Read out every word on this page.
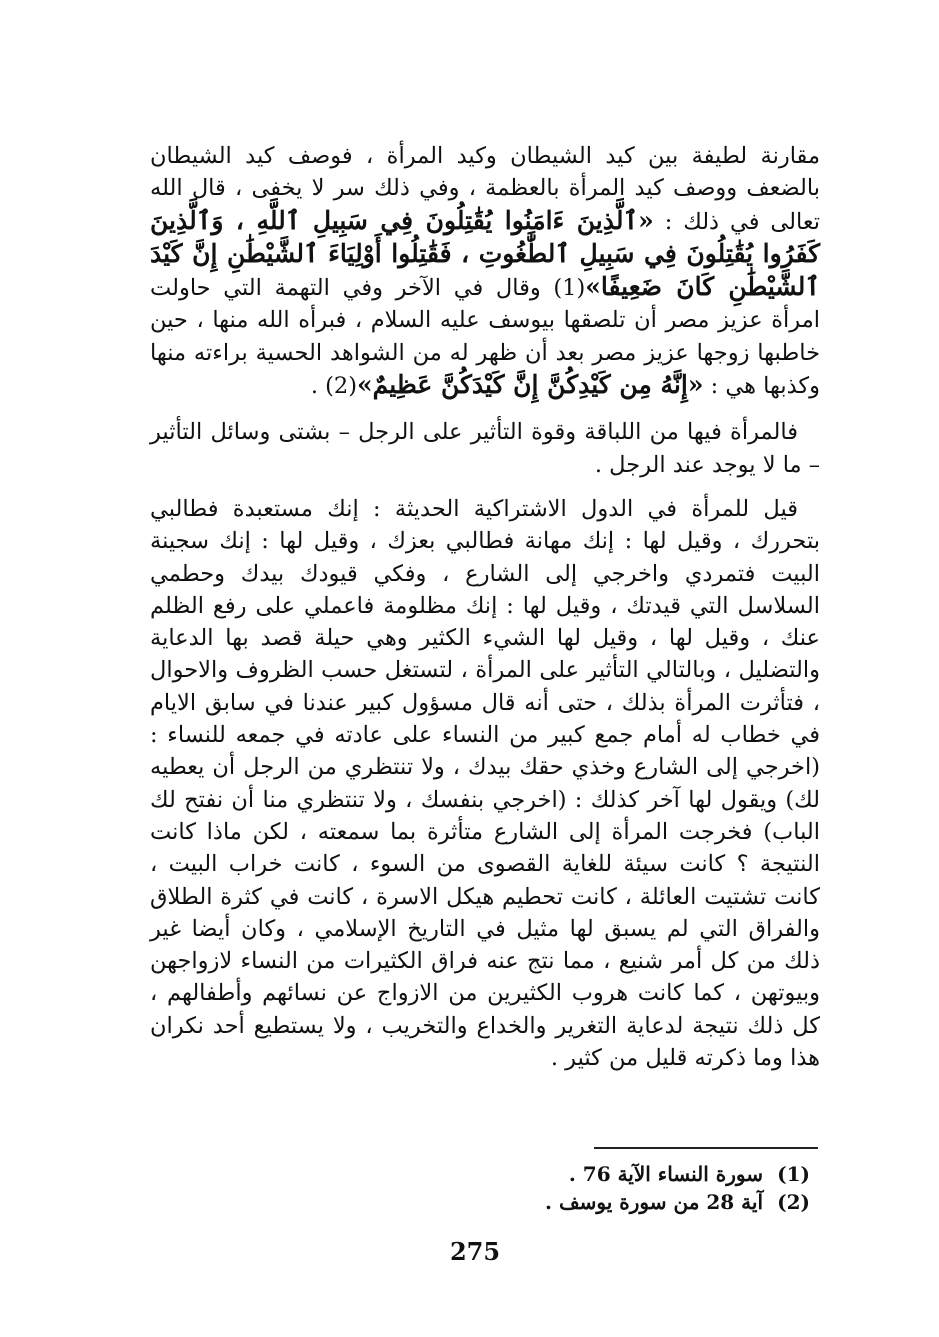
مقارنة لطيفة بين كيد الشيطان وكيد المرأة ، فوصف كيد الشيطان بالضعف ووصف كيد المرأة بالعظمة ، وفي ذلك سر لا يخفى ، قال الله تعالى في ذلك : «ٱلَّذِينَ ءَامَنُوا يُقَٰتِلُونَ فِي سَبِيلِ ٱللَّهِ ، وَٱلَّذِينَ كَفَرُوا يُقَٰتِلُونَ فِي سَبِيلِ ٱلطَّٰغُوتِ ، فَقَٰتِلُوا أَوْلِيَاءَ ٱلشَّيْطَٰنِ إِنَّ كَيْدَ ٱلشَّيْطَٰنِ كَانَ ضَعِيفًا»(1) وقال في الآخر وفي التهمة التي حاولت امرأة عزيز مصر أن تلصقها بيوسف عليه السلام ، فبرأه الله منها ، حين خاطبها زوجها عزيز مصر بعد أن ظهر له من الشواهد الحسية براءته منها وكذبها هي : «إِنَّهُ مِن كَيْدِكُنَّ إِنَّ كَيْدَكُنَّ عَظِيمٌ»(2) .

فالمرأة فيها من اللباقة وقوة التأثير على الرجل – بشتى وسائل التأثير – ما لا يوجد عند الرجل .

قيل للمرأة في الدول الاشتراكية الحديثة : إنك مستعبدة فطالبي بتحررك ، وقيل لها : إنك مهانة فطالبي بعزك ، وقيل لها : إنك سجينة البيت فتمردي واخرجي إلى الشارع ، وفكي قيودك بيدك وحطمي السلاسل التي قيدتك ، وقيل لها : إنك مظلومة فاعملي على رفع الظلم عنك ، وقيل لها ، وقيل لها الشيء الكثير وهي حيلة قصد بها الدعاية والتضليل ، وبالتالي التأثير على المرأة ، لتستغل حسب الظروف والاحوال ، فتأثرت المرأة بذلك ، حتى أنه قال مسؤول كبير عندنا في سابق الايام في خطاب له أمام جمع كبير من النساء على عادته في جمعه للنساء : (اخرجي إلى الشارع وخذي حقك بيدك ، ولا تنتظري من الرجل أن يعطيه لك) ويقول لها آخر كذلك : (اخرجي بنفسك ، ولا تنتظري منا أن نفتح لك الباب) فخرجت المرأة إلى الشارع متأثرة بما سمعته ، لكن ماذا كانت النتيجة ؟ كانت سيئة للغاية القصوى من السوء ، كانت خراب البيت ، كانت تشتيت العائلة ، كانت تحطيم هيكل الاسرة ، كانت في كثرة الطلاق والفراق التي لم يسبق لها مثيل في التاريخ الإسلامي ، وكان أيضا غير ذلك من كل أمر شنيع ، مما نتج عنه فراق الكثيرات من النساء لازواجهن وبيوتهن ، كما كانت هروب الكثيرين من الازواج عن نسائهم وأطفالهم ، كل ذلك نتيجة لدعاية التغرير والخداع والتخريب ، ولا يستطيع أحد نكران هذا وما ذكرته قليل من كثير .

(1) سورة النساء الآية 76 .
(2) آية 28 من سورة يوسف .
275
